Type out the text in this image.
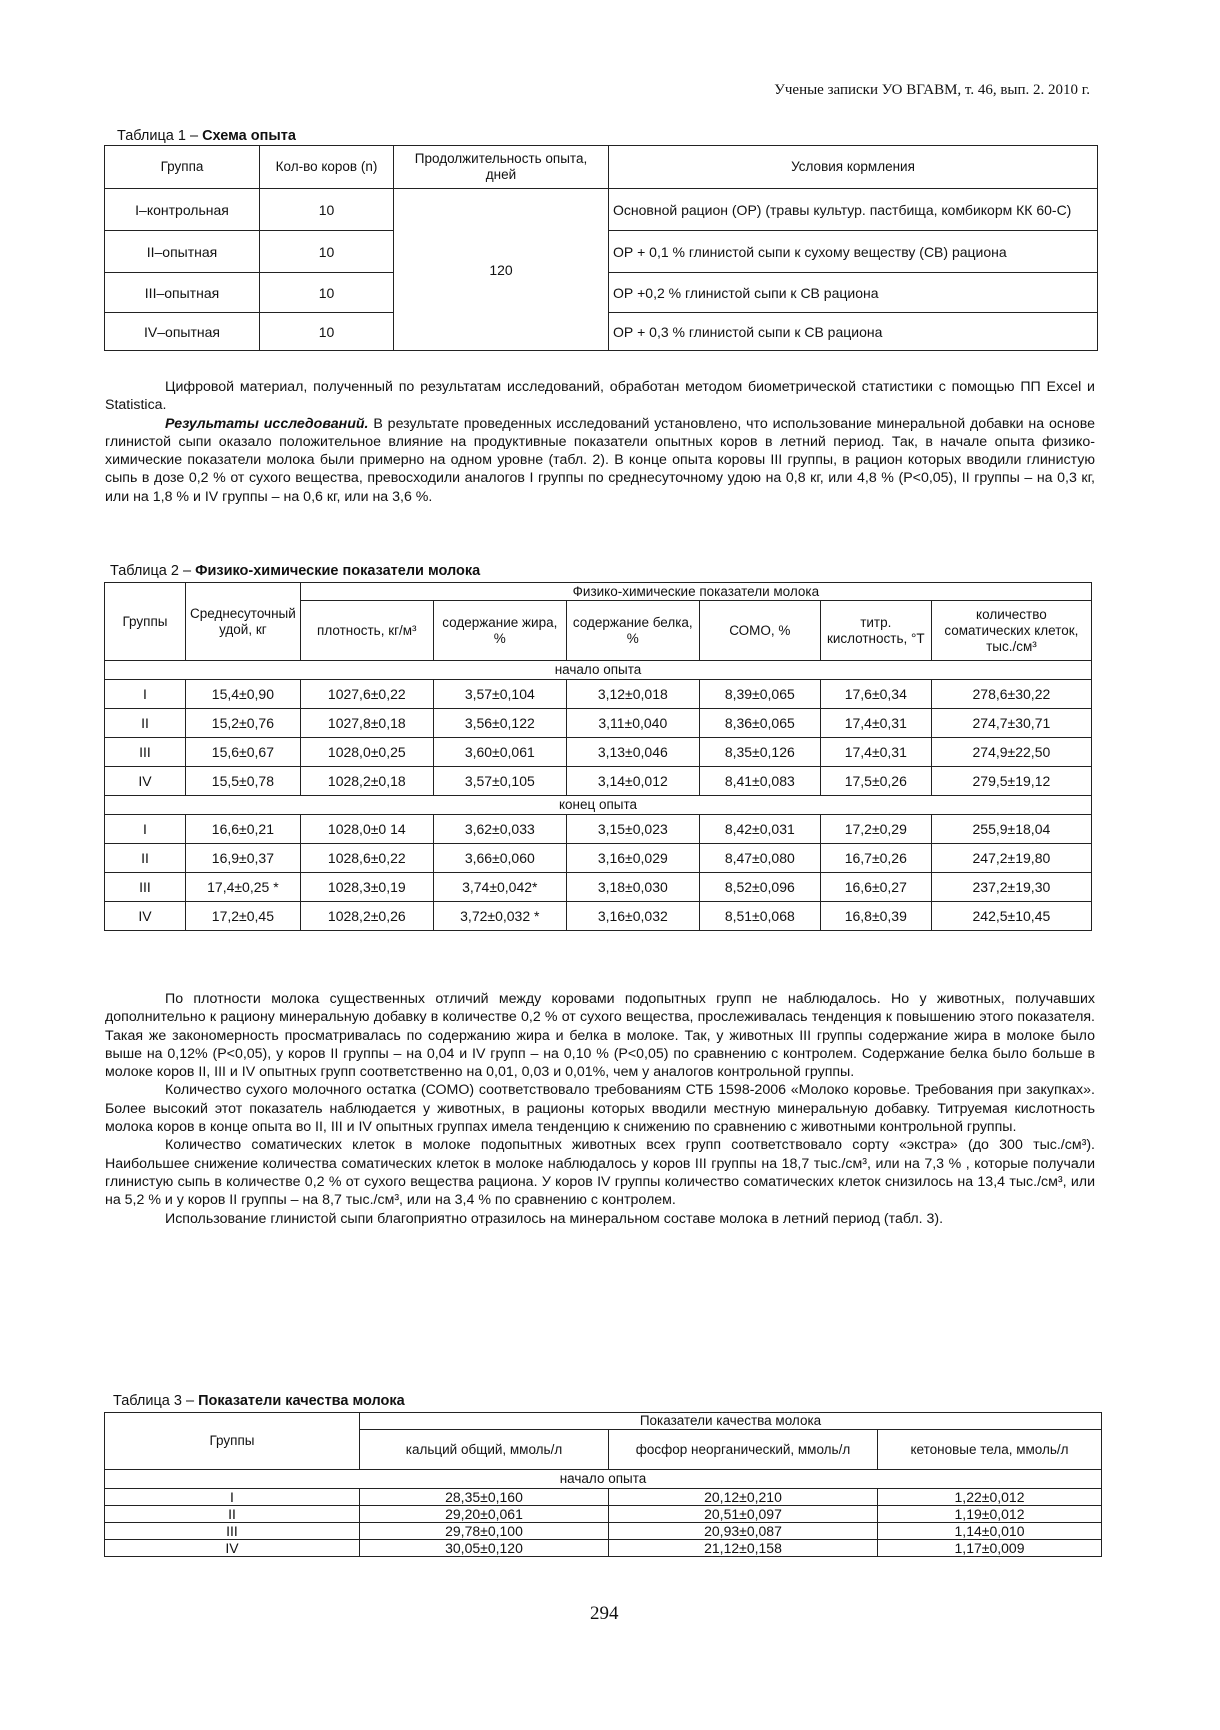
Ученые записки УО ВГАВМ, т. 46, вып. 2. 2010 г.
Таблица 1 – Схема опыта
Группа	Кол-во коров (n)	Продолжительность опыта, дней	Условия кормления
I–контрольная	10	120	Основной рацион (ОР) (травы культур. пастбища, комбикорм КК 60-С)
II–опытная	10		ОР + 0,1 % глинистой сыпи к сухому веществу (СВ) рациона
III–опытная	10		ОР +0,2 % глинистой сыпи к СВ рациона
IV–опытная	10		ОР + 0,3 % глинистой сыпи к СВ рациона

Цифровой материал, полученный по результатам исследований, обработан методом биометрической статистики с помощью ПП Excel и Statistica.

Результаты исследований. В результате проведенных исследований установлено, что использование минеральной добавки на основе глинистой сыпи оказало положительное влияние на продуктивные показатели опытных коров в летний период. Так, в начале опыта физико-химические показатели молока были примерно на одном уровне (табл. 2). В конце опыта коровы III группы, в рацион которых вводили глинистую сыпь в дозе 0,2 % от сухого вещества, превосходили аналогов I группы по среднесуточному удою на 0,8 кг, или 4,8 % (P<0,05), II группы – на 0,3 кг, или на 1,8 % и IV группы – на 0,6 кг, или на 3,6 %.

Таблица 2 – Физико-химические показатели молока
Группы	Среднесуточный удой, кг	Физико-химические показатели молока					
		плотность, кг/м³	содержание жира, %	содержание белка, %	СОМО, %	титр. кислотность, °Т	количество соматических клеток, тыс./см³
начало опыта							
I	15,4±0,90	1027,6±0,22	3,57±0,104	3,12±0,018	8,39±0,065	17,6±0,34	278,6±30,22
II	15,2±0,76	1027,8±0,18	3,56±0,122	3,11±0,040	8,36±0,065	17,4±0,31	274,7±30,71
III	15,6±0,67	1028,0±0,25	3,60±0,061	3,13±0,046	8,35±0,126	17,4±0,31	274,9±22,50
IV	15,5±0,78	1028,2±0,18	3,57±0,105	3,14±0,012	8,41±0,083	17,5±0,26	279,5±19,12
конец опыта							
I	16,6±0,21	1028,0±0 14	3,62±0,033	3,15±0,023	8,42±0,031	17,2±0,29	255,9±18,04
II	16,9±0,37	1028,6±0,22	3,66±0,060	3,16±0,029	8,47±0,080	16,7±0,26	247,2±19,80
III	17,4±0,25 *	1028,3±0,19	3,74±0,042*	3,18±0,030	8,52±0,096	16,6±0,27	237,2±19,30
IV	17,2±0,45	1028,2±0,26	3,72±0,032 *	3,16±0,032	8,51±0,068	16,8±0,39	242,5±10,45

По плотности молока существенных отличий между коровами подопытных групп не наблюдалось. Но у животных, получавших дополнительно к рациону минеральную добавку в количестве 0,2 % от сухого вещества, прослеживалась тенденция к повышению этого показателя. Такая же закономерность просматривалась по содержанию жира и белка в молоке. Так, у животных III группы содержание жира в молоке было выше на 0,12% (P<0,05), у коров II группы – на 0,04 и IV групп – на 0,10 % (P<0,05) по сравнению с контролем. Содержание белка было больше в молоке коров II, III и IV опытных групп соответственно на 0,01, 0,03 и 0,01%, чем у аналогов контрольной группы.

Количество сухого молочного остатка (СОМО) соответствовало требованиям СТБ 1598-2006 «Молоко коровье. Требования при закупках». Более высокий этот показатель наблюдается у животных, в рационы которых вводили местную минеральную добавку. Титруемая кислотность молока коров в конце опыта во II, III и IV опытных группах имела тенденцию к снижению по сравнению с животными контрольной группы.

Количество соматических клеток в молоке подопытных животных всех групп соответствовало сорту «экстра» (до 300 тыс./см³). Наибольшее снижение количества соматических клеток в молоке наблюдалось у коров III группы на 18,7 тыс./см³, или на 7,3 % , которые получали глинистую сыпь в количестве 0,2 % от сухого вещества рациона. У коров IV группы количество соматических клеток снизилось на 13,4 тыс./см³, или на 5,2 % и у коров II группы – на 8,7 тыс./см³, или на 3,4 % по сравнению с контролем.

Использование глинистой сыпи благоприятно отразилось на минеральном составе молока в летний период (табл. 3).

Таблица 3 – Показатели качества молока
Группы	Показатели качества молока		
	кальций общий, ммоль/л	фосфор неорганический, ммоль/л	кетоновые тела, ммоль/л
начало опыта			
I	28,35±0,160	20,12±0,210	1,22±0,012
II	29,20±0,061	20,51±0,097	1,19±0,012
III	29,78±0,100	20,93±0,087	1,14±0,010
IV	30,05±0,120	21,12±0,158	1,17±0,009
294
